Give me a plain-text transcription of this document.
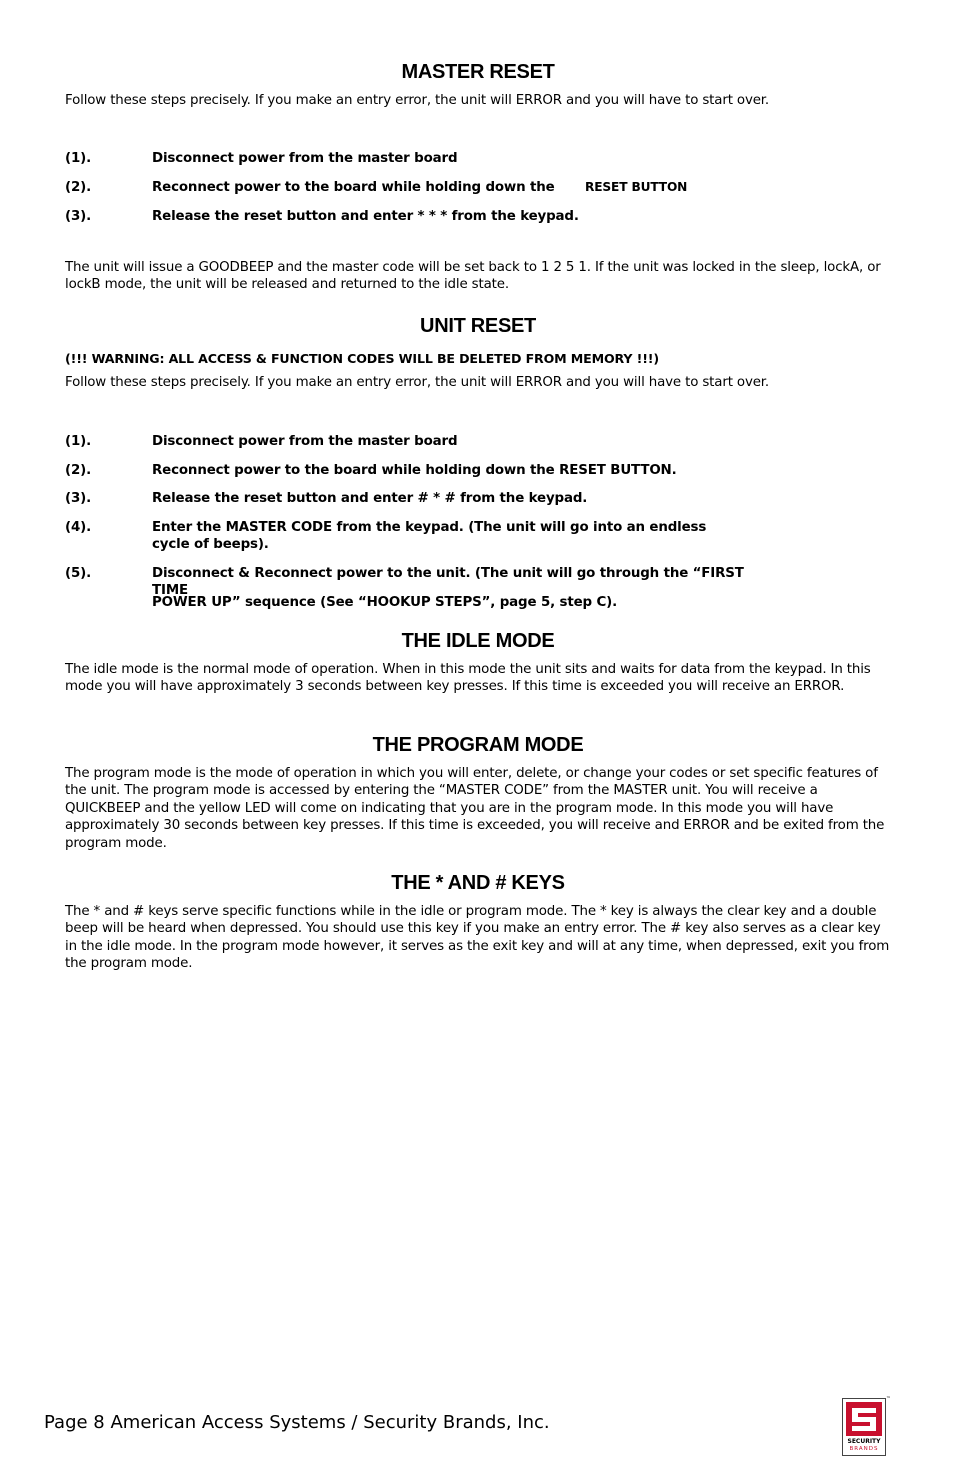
MASTER RESET
Follow these steps precisely. If you make an entry error, the unit will ERROR and you will have to start over.
(1).	Disconnect power from the master board
(2).	Reconnect power to the board while holding down the	RESET BUTTON
(3).	Release the reset button and enter * * * from the keypad.
The unit will issue a GOODBEEP and the master code will be set back to 1 2 5 1. If the unit was locked in the sleep, lockA, or lockB mode, the unit will be released and returned to the idle state.
UNIT RESET
(!!! WARNING: ALL ACCESS & FUNCTION CODES WILL BE DELETED FROM MEMORY !!!)
Follow these steps precisely. If you make an entry error, the unit will ERROR and you will have to start over.
(1).	Disconnect power from the master board
(2).	Reconnect power to the board while holding down the RESET BUTTON.
(3).	Release the reset button and enter # * # from the keypad.
(4).	Enter the MASTER CODE from the keypad. (The unit will go into an endless cycle of beeps).
(5).	Disconnect & Reconnect power to the unit. (The unit will go through the “FIRST TIME
POWER UP” sequence (See “HOOKUP STEPS”, page 5, step C).
THE IDLE MODE
The idle mode is the normal mode of operation. When in this mode the unit sits and waits for data from the keypad. In this mode you will have approximately 3 seconds between key presses. If this time is exceeded you will receive an ERROR.
THE PROGRAM MODE
The program mode is the mode of operation in which you will enter, delete, or change your codes or set specific features of the unit. The program mode is accessed by entering the “MASTER CODE” from the MASTER unit. You will receive a QUICKBEEP and the yellow LED will come on indicating that you are in the program mode. In this mode you will have approximately 30 seconds between key presses. If this time is exceeded, you will receive and ERROR and be exited from the program mode.
THE * AND # KEYS
The * and # keys serve specific functions while in the idle or program mode. The * key is always the clear key and a double beep will be heard when depressed. You should use this key if you make an entry error. The # key also serves as a clear key in the idle mode. In the program mode however, it serves as the exit key and will at any time, when depressed, exit you from the program mode.
Page 8 American Access Systems / Security Brands, Inc.
SECURITY
BRANDS
™
